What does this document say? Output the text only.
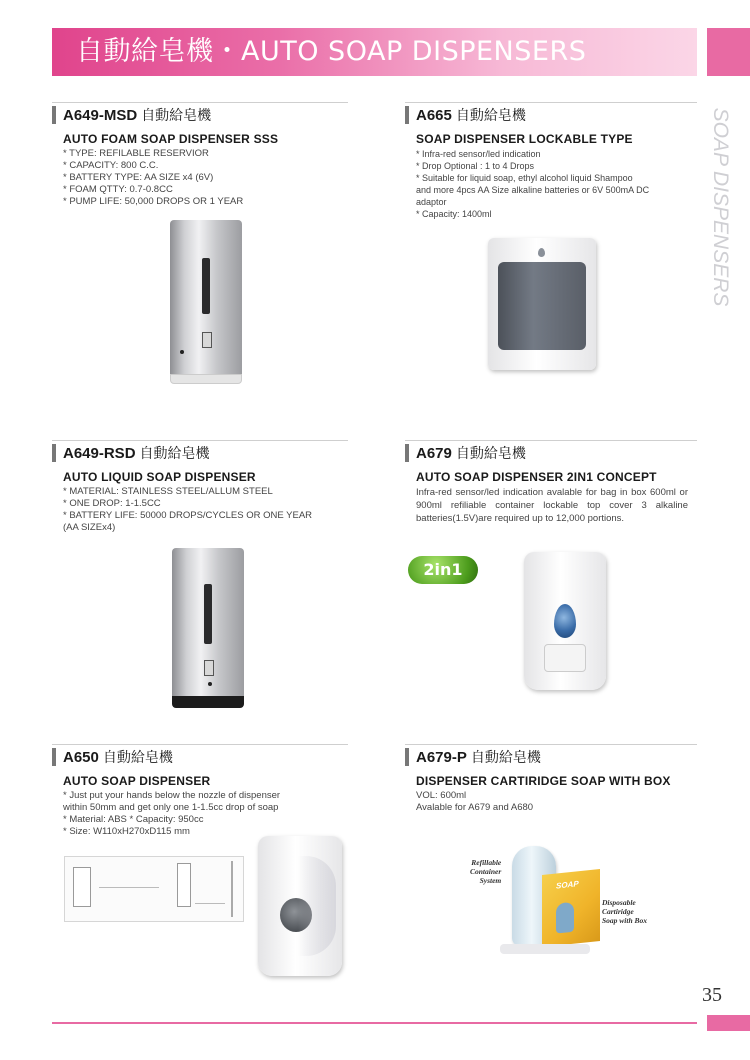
自動給皂機・AUTO SOAP DISPENSERS
SOAP DISPENSERS
A649-MSD 自動給皂機
AUTO FOAM SOAP DISPENSER SSS
* TYPE: REFILABLE RESERVIOR
* CAPACITY: 800 C.C.
* BATTERY TYPE: AA SIZE x4 (6V)
* FOAM QTTY: 0.7-0.8CC
* PUMP LIFE: 50,000 DROPS OR 1 YEAR
A665 自動給皂機
SOAP DISPENSER LOCKABLE TYPE
* Infra-red sensor/led indication
* Drop Optional : 1 to 4 Drops
* Suitable for liquid soap, ethyl alcohol liquid Shampoo
and more 4pcs AA Size alkaline batteries or 6V 500mA DC
adaptor
* Capacity: 1400ml
A649-RSD 自動給皂機
AUTO LIQUID SOAP DISPENSER
* MATERIAL: STAINLESS STEEL/ALLUM STEEL
* ONE DROP: 1-1.5CC
* BATTERY LIFE: 50000 DROPS/CYCLES OR ONE YEAR
(AA SIZEx4)
A679 自動給皂機
AUTO SOAP DISPENSER 2IN1 CONCEPT
Infra-red sensor/led indication avalable for bag in box 600ml or 900ml refiliable container lockable top cover 3 alkaline batteries(1.5V)are required up to 12,000 portions.
2in1
A650 自動給皂機
AUTO SOAP DISPENSER
* Just put your hands below the nozzle of dispenser
within 50mm and get only one 1-1.5cc drop of soap
* Material: ABS * Capacity: 950cc
* Size: W110xH270xD115 mm
A679-P 自動給皂機
DISPENSER CARTIRIDGE SOAP WITH BOX
VOL: 600ml
Avalable for A679 and A680
Refillable
Container
System	SOAP
Disposable
Cartiridge
Soap with Box
35
